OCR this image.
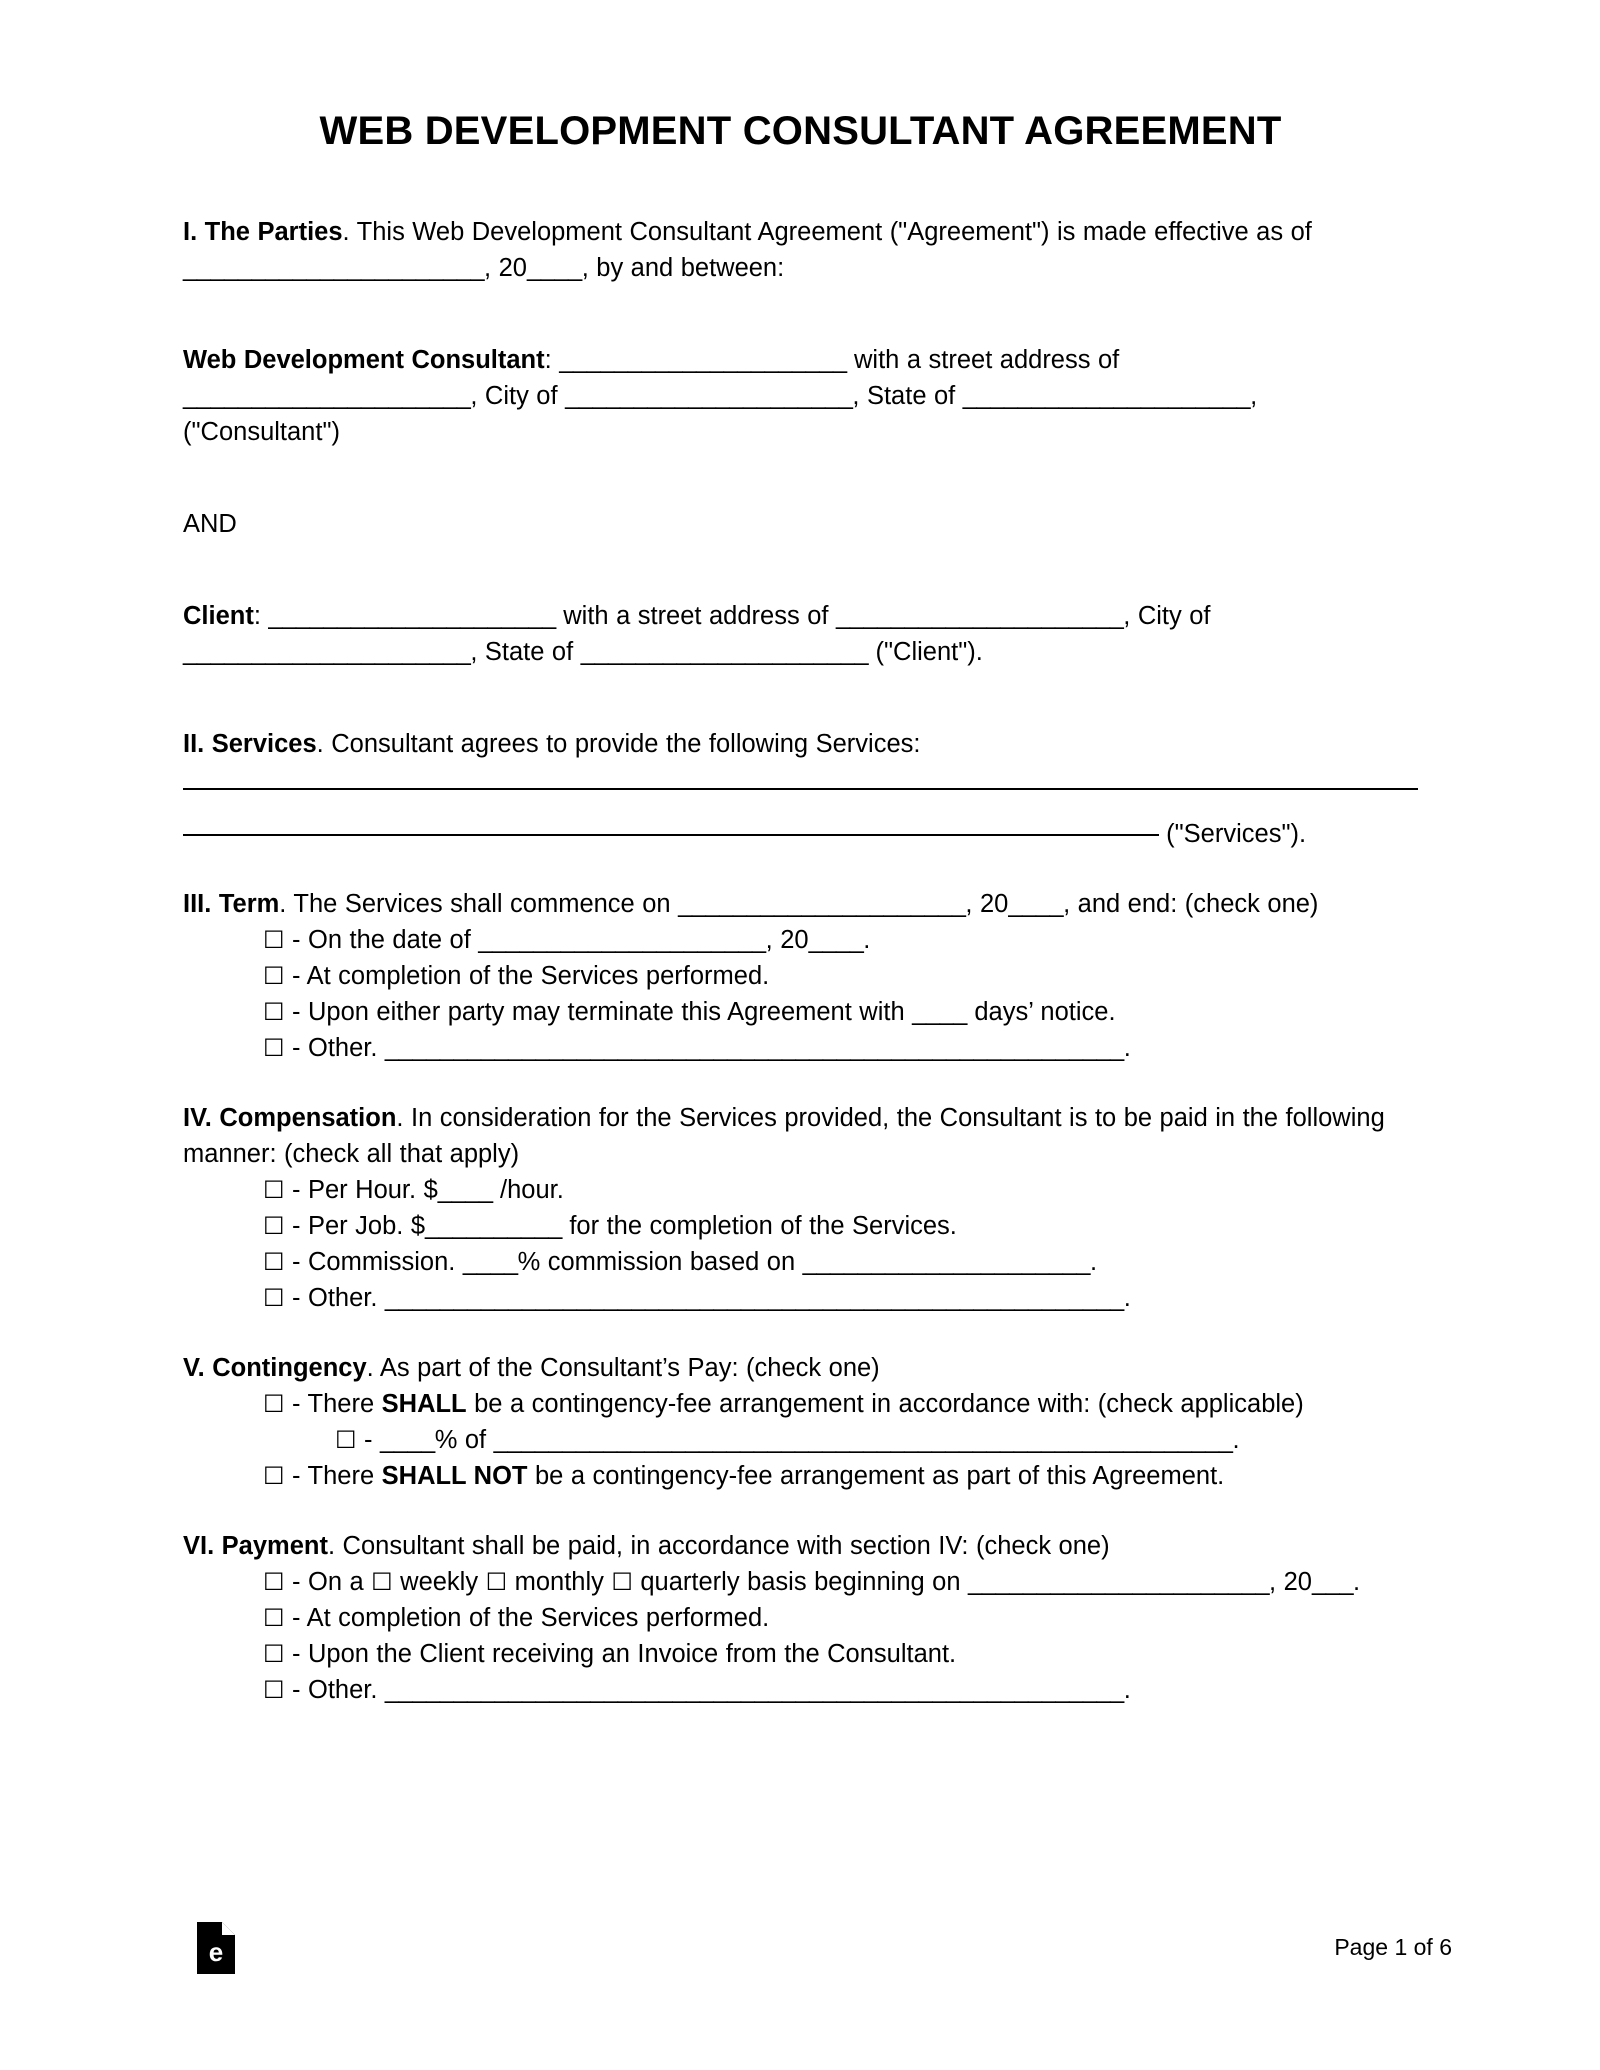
WEB DEVELOPMENT CONSULTANT AGREEMENT

I. The Parties. This Web Development Consultant Agreement ("Agreement") is made effective as of ______________________, 20____, by and between:

Web Development Consultant: _____________________ with a street address of _____________________, City of _____________________, State of _____________________, ("Consultant")

AND

Client: _____________________ with a street address of _____________________, City of _____________________, State of _____________________ ("Client").

II. Services. Consultant agrees to provide the following Services:

("Services").

III. Term. The Services shall commence on _____________________, 20____, and end: (check one)

☐ - On the date of _____________________, 20____.

☐ - At completion of the Services performed.

☐ - Upon either party may terminate this Agreement with ____ days’ notice.

☐ - Other. ______________________________________________________.

IV. Compensation. In consideration for the Services provided, the Consultant is to be paid in the following manner: (check all that apply)

☐ - Per Hour. $____ /hour.

☐ - Per Job. $__________ for the completion of the Services.

☐ - Commission. ____% commission based on _____________________.

☐ - Other. ______________________________________________________.

V. Contingency. As part of the Consultant’s Pay: (check one)

☐ - There SHALL be a contingency-fee arrangement in accordance with: (check applicable)

☐ - ____% of ______________________________________________________.

☐ - There SHALL NOT be a contingency-fee arrangement as part of this Agreement.

VI. Payment. Consultant shall be paid, in accordance with section IV: (check one)

☐ - On a ☐ weekly ☐ monthly ☐ quarterly basis beginning on ______________________, 20___.

☐ - At completion of the Services performed.

☐ - Upon the Client receiving an Invoice from the Consultant.

☐ - Other. ______________________________________________________.

e	Page 1 of 6
